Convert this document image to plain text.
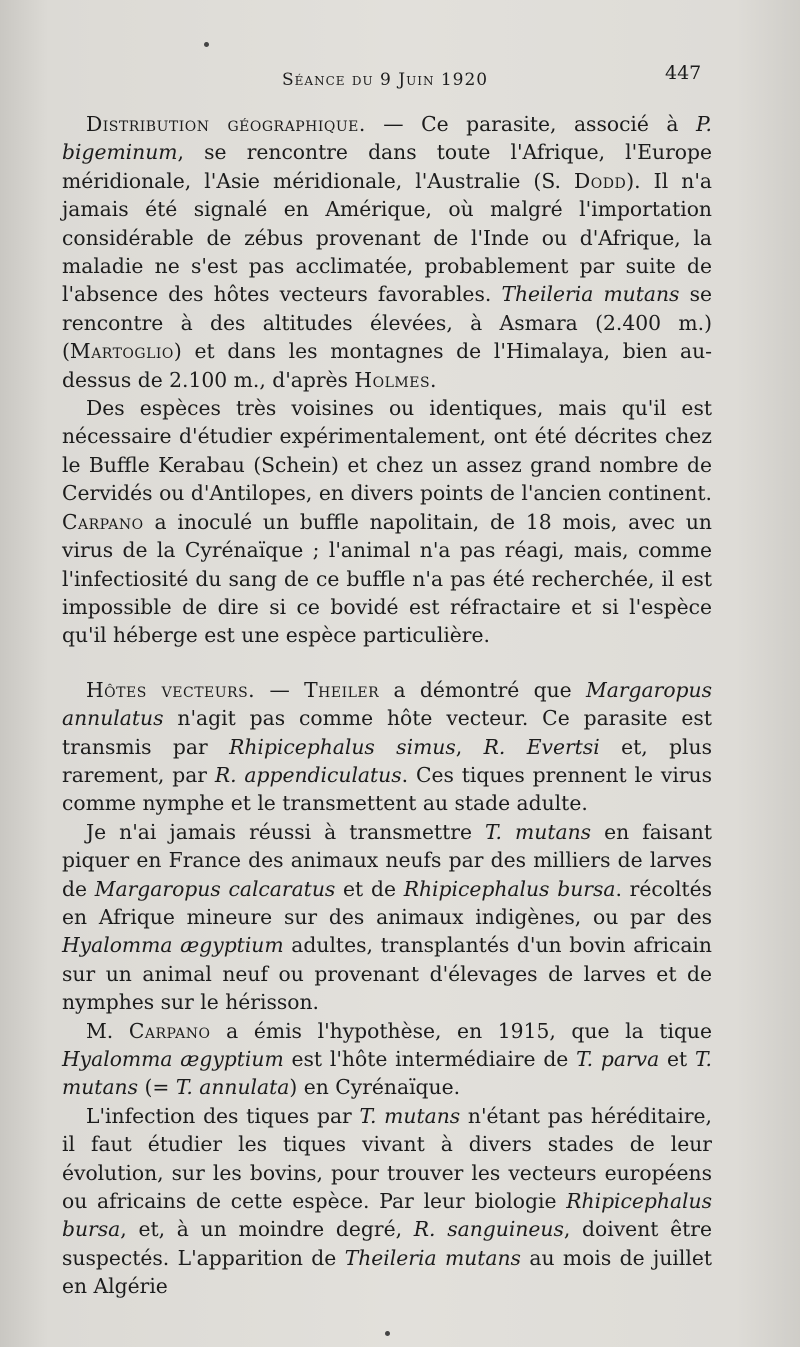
Séance du 9 Juin 1920	447

Distribution géographique. — Ce parasite, associé à P. bigeminum, se rencontre dans toute l'Afrique, l'Europe méridionale, l'Asie méridionale, l'Australie (S. Dodd). Il n'a jamais été signalé en Amérique, où malgré l'importation considérable de zébus provenant de l'Inde ou d'Afrique, la maladie ne s'est pas acclimatée, probablement par suite de l'absence des hôtes vecteurs favorables. Theileria mutans se rencontre à des altitudes élevées, à Asmara (2.400 m.) (Martoglio) et dans les montagnes de l'Himalaya, bien au-dessus de 2.100 m., d'après Holmes.

Des espèces très voisines ou identiques, mais qu'il est nécessaire d'étudier expérimentalement, ont été décrites chez le Buffle Kerabau (Schein) et chez un assez grand nombre de Cervidés ou d'Antilopes, en divers points de l'ancien continent. Carpano a inoculé un buffle napolitain, de 18 mois, avec un virus de la Cyrénaïque ; l'animal n'a pas réagi, mais, comme l'infectiosité du sang de ce buffle n'a pas été recherchée, il est impossible de dire si ce bovidé est réfractaire et si l'espèce qu'il héberge est une espèce particulière.

Hôtes vecteurs. — Theiler a démontré que Margaropus annulatus n'agit pas comme hôte vecteur. Ce parasite est transmis par Rhipicephalus simus, R. Evertsi et, plus rarement, par R. appendiculatus. Ces tiques prennent le virus comme nymphe et le transmettent au stade adulte.

Je n'ai jamais réussi à transmettre T. mutans en faisant piquer en France des animaux neufs par des milliers de larves de Margaropus calcaratus et de Rhipicephalus bursa. récoltés en Afrique mineure sur des animaux indigènes, ou par des Hyalomma ægyptium adultes, transplantés d'un bovin africain sur un animal neuf ou provenant d'élevages de larves et de nymphes sur le hérisson.

M. Carpano a émis l'hypothèse, en 1915, que la tique Hyalomma ægyptium est l'hôte intermédiaire de T. parva et T. mutans (= T. annulata) en Cyrénaïque.

L'infection des tiques par T. mutans n'étant pas héréditaire, il faut étudier les tiques vivant à divers stades de leur évolution, sur les bovins, pour trouver les vecteurs européens ou africains de cette espèce. Par leur biologie Rhipicephalus bursa, et, à un moindre degré, R. sanguineus, doivent être suspectés. L'apparition de Theileria mutans au mois de juillet en Algérie
